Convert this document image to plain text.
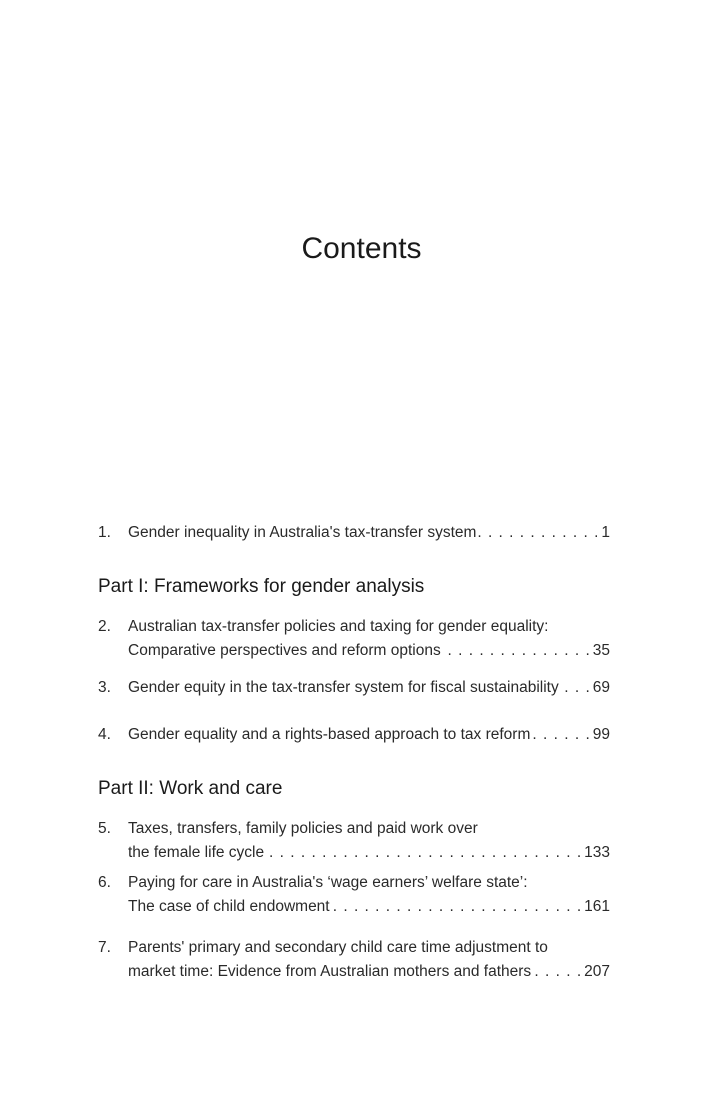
Contents
1. Gender inequality in Australia's tax-transfer system . . .	1
Part I: Frameworks for gender analysis
2. Australian tax-transfer policies and taxing for gender equality:
Comparative perspectives and reform options . . .	35
3. Gender equity in the tax-transfer system for fiscal sustainability . . . 69
4. Gender equality and a rights-based approach to tax reform . . .	99
Part II: Work and care
5. Taxes, transfers, family policies and paid work over
the female life cycle . . .	133
6. Paying for care in Australia's ‘wage earners’ welfare state’:
The case of child endowment . . .	161
7. Parents' primary and secondary child care time adjustment to
market time: Evidence from Australian mothers and fathers . . .	207
